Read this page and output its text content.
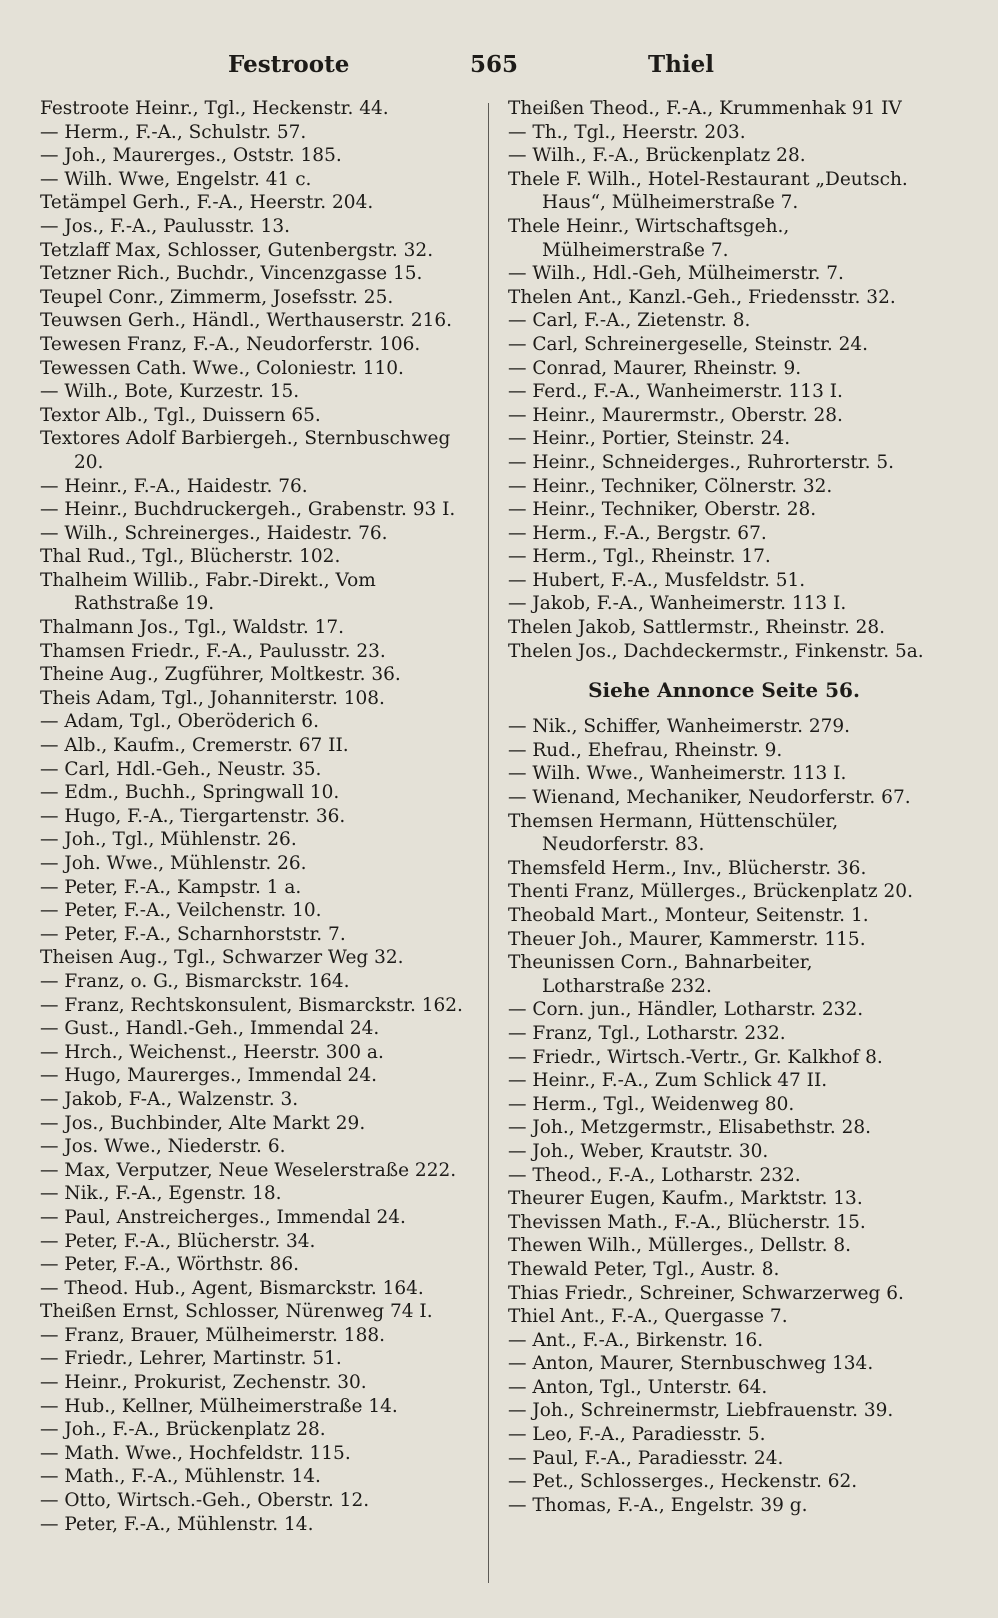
Festroote	565	Thiel
Festroote Heinr., Tgl., Heckenstr. 44.
— Herm., F.-A., Schulstr. 57.
— Joh., Maurerges., Oststr. 185.
— Wilh. Wwe, Engelstr. 41 c.
Tetämpel Gerh., F.-A., Heerstr. 204.
— Jos., F.-A., Paulusstr. 13.
Tetzlaff Max, Schlosser, Gutenbergstr. 32.
Tetzner Rich., Buchdr., Vincenzgasse 15.
Teupel Conr., Zimmerm, Josefsstr. 25.
Teuwsen Gerh., Händl., Werthauserstr. 216.
Tewesen Franz, F.-A., Neudorferstr. 106.
Tewessen Cath. Wwe., Coloniestr. 110.
— Wilh., Bote, Kurzestr. 15.
Textor Alb., Tgl., Duissern 65.
Textores Adolf Barbiergeh., Sternbuschweg 20.
— Heinr., F.-A., Haidestr. 76.
— Heinr., Buchdruckergeh., Grabenstr. 93 I.
— Wilh., Schreinerges., Haidestr. 76.
Thal Rud., Tgl., Blücherstr. 102.
Thalheim Willib., Fabr.-Direkt., Vom Rathstraße 19.
Thalmann Jos., Tgl., Waldstr. 17.
Thamsen Friedr., F.-A., Paulusstr. 23.
Theine Aug., Zugführer, Moltkestr. 36.
Theis Adam, Tgl., Johanniterstr. 108.
— Adam, Tgl., Oberöderich 6.
— Alb., Kaufm., Cremerstr. 67 II.
— Carl, Hdl.-Geh., Neustr. 35.
— Edm., Buchh., Springwall 10.
— Hugo, F.-A., Tiergartenstr. 36.
— Joh., Tgl., Mühlenstr. 26.
— Joh. Wwe., Mühlenstr. 26.
— Peter, F.-A., Kampstr. 1 a.
— Peter, F.-A., Veilchenstr. 10.
— Peter, F.-A., Scharnhorststr. 7.
Theisen Aug., Tgl., Schwarzer Weg 32.
— Franz, o. G., Bismarckstr. 164.
— Franz, Rechtskonsulent, Bismarckstr. 162.
— Gust., Handl.-Geh., Immendal 24.
— Hrch., Weichenst., Heerstr. 300 a.
— Hugo, Maurerges., Immendal 24.
— Jakob, F-A., Walzenstr. 3.
— Jos., Buchbinder, Alte Markt 29.
— Jos. Wwe., Niederstr. 6.
— Max, Verputzer, Neue Weselerstraße 222.
— Nik., F.-A., Egenstr. 18.
— Paul, Anstreicherges., Immendal 24.
— Peter, F.-A., Blücherstr. 34.
— Peter, F.-A., Wörthstr. 86.
— Theod. Hub., Agent, Bismarckstr. 164.
Theißen Ernst, Schlosser, Nürenweg 74 I.
— Franz, Brauer, Mülheimerstr. 188.
— Friedr., Lehrer, Martinstr. 51.
— Heinr., Prokurist, Zechenstr. 30.
— Hub., Kellner, Mülheimerstraße 14.
— Joh., F.-A., Brückenplatz 28.
— Math. Wwe., Hochfeldstr. 115.
— Math., F.-A., Mühlenstr. 14.
— Otto, Wirtsch.-Geh., Oberstr. 12.
— Peter, F.-A., Mühlenstr. 14.
Theißen Theod., F.-A., Krummenhak 91 IV
— Th., Tgl., Heerstr. 203.
— Wilh., F.-A., Brückenplatz 28.
Thele F. Wilh., Hotel-Restaurant „Deutsch. Haus“, Mülheimerstraße 7.
Thele Heinr., Wirtschaftsgeh., Mülheimerstraße 7.
— Wilh., Hdl.-Geh, Mülheimerstr. 7.
Thelen Ant., Kanzl.-Geh., Friedensstr. 32.
— Carl, F.-A., Zietenstr. 8.
— Carl, Schreinergeselle, Steinstr. 24.
— Conrad, Maurer, Rheinstr. 9.
— Ferd., F.-A., Wanheimerstr. 113 I.
— Heinr., Maurermstr., Oberstr. 28.
— Heinr., Portier, Steinstr. 24.
— Heinr., Schneiderges., Ruhrorterstr. 5.
— Heinr., Techniker, Cölnerstr. 32.
— Heinr., Techniker, Oberstr. 28.
— Herm., F.-A., Bergstr. 67.
— Herm., Tgl., Rheinstr. 17.
— Hubert, F.-A., Musfeldstr. 51.
— Jakob, F.-A., Wanheimerstr. 113 I.
Thelen Jakob, Sattlermstr., Rheinstr. 28.
Thelen Jos., Dachdeckermstr., Finkenstr. 5a.
Siehe Annonce Seite 56.
— Nik., Schiffer, Wanheimerstr. 279.
— Rud., Ehefrau, Rheinstr. 9.
— Wilh. Wwe., Wanheimerstr. 113 I.
— Wienand, Mechaniker, Neudorferstr. 67.
Themsen Hermann, Hüttenschüler, Neudorferstr. 83.
Themsfeld Herm., Inv., Blücherstr. 36.
Thenti Franz, Müllerges., Brückenplatz 20.
Theobald Mart., Monteur, Seitenstr. 1.
Theuer Joh., Maurer, Kammerstr. 115.
Theunissen Corn., Bahnarbeiter, Lotharstraße 232.
— Corn. jun., Händler, Lotharstr. 232.
— Franz, Tgl., Lotharstr. 232.
— Friedr., Wirtsch.-Vertr., Gr. Kalkhof 8.
— Heinr., F.-A., Zum Schlick 47 II.
— Herm., Tgl., Weidenweg 80.
— Joh., Metzgermstr., Elisabethstr. 28.
— Joh., Weber, Krautstr. 30.
— Theod., F.-A., Lotharstr. 232.
Theurer Eugen, Kaufm., Marktstr. 13.
Thevissen Math., F.-A., Blücherstr. 15.
Thewen Wilh., Müllerges., Dellstr. 8.
Thewald Peter, Tgl., Austr. 8.
Thias Friedr., Schreiner, Schwarzerweg 6.
Thiel Ant., F.-A., Quergasse 7.
— Ant., F.-A., Birkenstr. 16.
— Anton, Maurer, Sternbuschweg 134.
— Anton, Tgl., Unterstr. 64.
— Joh., Schreinermstr, Liebfrauenstr. 39.
— Leo, F.-A., Paradiesstr. 5.
— Paul, F.-A., Paradiesstr. 24.
— Pet., Schlosserges., Heckenstr. 62.
— Thomas, F.-A., Engelstr. 39 g.
